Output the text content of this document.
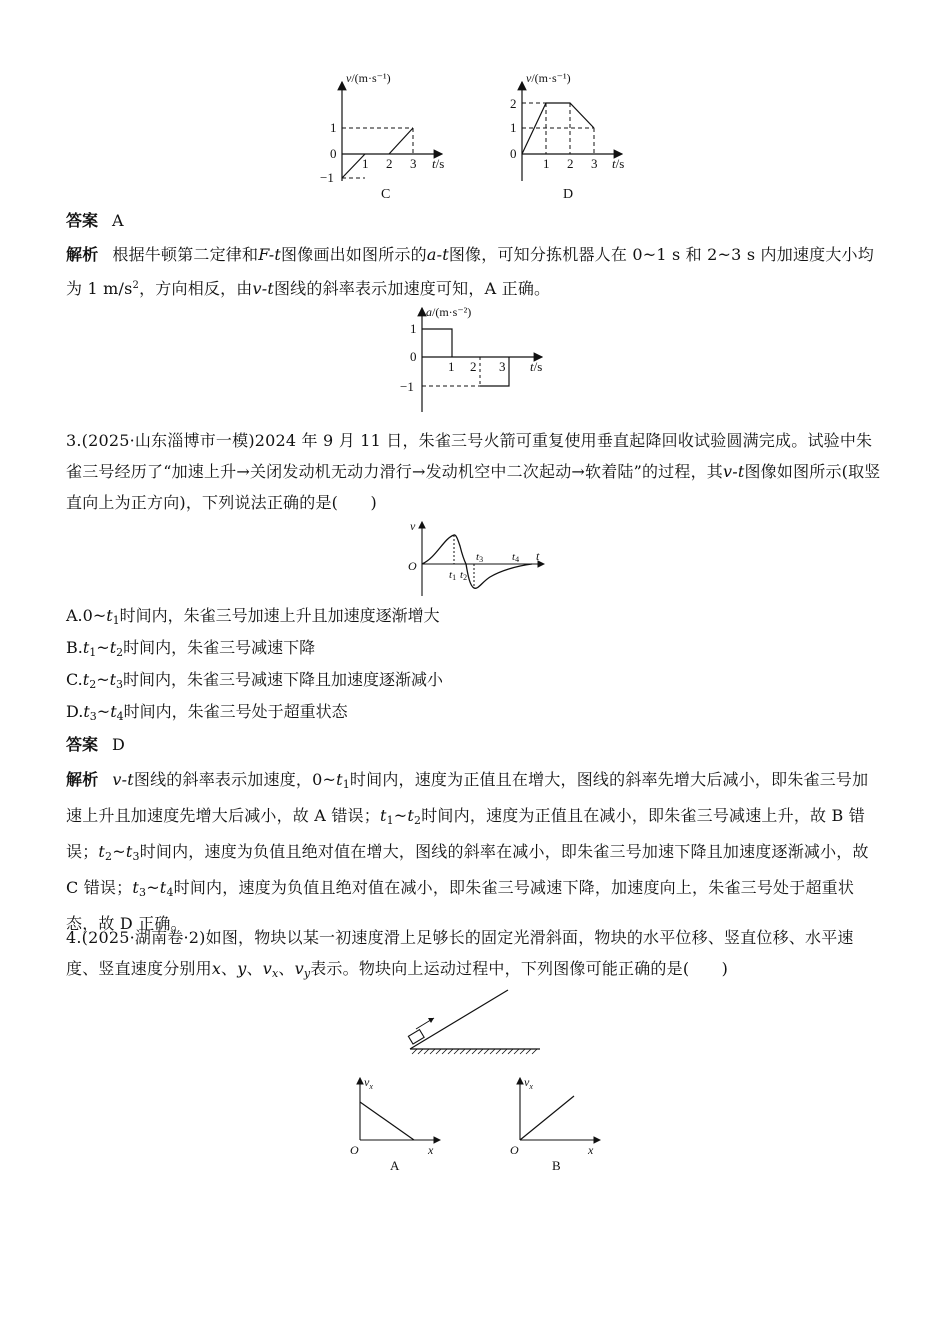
v/(m·s⁻¹)
1
0
−1
1 2 3 t/s
C
v/(m·s⁻¹)
2
1
0
1 2 3 t/s
D
答案 A
解析 根据牛顿第二定律和F-t图像画出如图所示的a-t图像，可知分拣机器人在 0~1 s 和 2~3 s 内加速度大小均为 1 $m/s^2$，方向相反，由v-t图线的斜率表示加速度可知，A 正确。
a/(m·s⁻²)
1
0
−1
1 2 3 t/s
3.(2025·山东淄博市一模)2024 年 9 月 11 日，朱雀三号火箭可重复使用垂直起降回收试验圆满完成。试验中朱雀三号经历了“加速上升→关闭发动机无动力滑行→发动机空中二次起动→软着陆”的过程，其v-t图像如图所示(取竖直向上为正方向)，下列说法正确的是(　　)
v
t
O
t1 t2
t3	t4
$A.0\sim t_1$时间内，朱雀三号加速上升且加速度逐渐增大
$B.t_1\sim t_2$时间内，朱雀三号减速下降
$C.t_2\sim t_3$时间内，朱雀三号减速下降且加速度逐渐减小
$D.t_3\sim t_4$时间内，朱雀三号处于超重状态
答案 D
解析 v-t图线的斜率表示加速度，$0\sim t_1$时间内，速度为正值且在增大，图线的斜率先增大后减小，即朱雀三号加速上升且加速度先增大后减小，故 A 错误；$t_1\sim t_2$时间内，速度为正值且在减小，即朱雀三号减速上升，故 B 错误；$t_2\sim t_3$时间内，速度为负值且绝对值在增大，图线的斜率在减小，即朱雀三号加速下降且加速度逐渐减小，故 C 错误；$t_3\sim t_4$时间内，速度为负值且绝对值在减小，即朱雀三号减速下降，加速度向上，朱雀三号处于超重状态，故 D 正确。
4.(2025·湖南卷·2)如图，物块以某一初速度滑上足够长的固定光滑斜面，物块的水平位移、竖直位移、水平速度、竖直速度分别用x、y、$v_x$、$v_y$表示。物块向上运动过程中，下列图像可能正确的是(　　)
$v_x$
O	x
A
$v_x$
O	x
B
